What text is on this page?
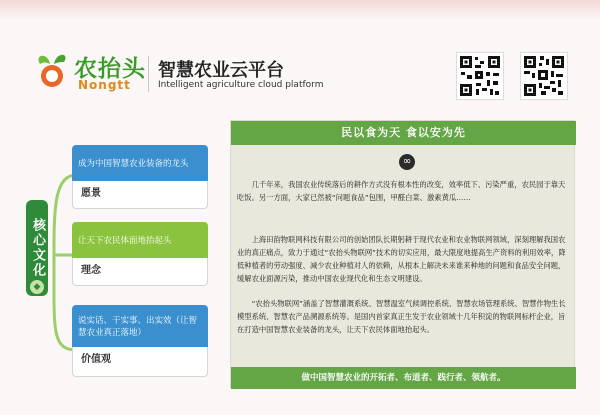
农抬头
Nongtt
智慧农业云平台
Intelligent agriculture cloud platform
核心文化
◆
成为中国智慧农业装备的龙头
愿景
让天下农民体面地抬起头
理念
说实话、干实事、出实效（让智慧农业真正落地）
价值观
民以食为天 食以安为先
∞

几千年来，我国农业传统落后的耕作方式没有根本性的改变，效率低下、污染严重，农民园于靠天吃饭。另一方面，大家已然被“问题食品”包围，甲醛白菜、激素黄瓜……

上海田韵物联网科技有限公司的创始团队长期躬耕于现代农业和农业物联网领域，深刻理解我国农业的真正痛点，致力于通过“农抬头物联网”技术的切实应用，最大限度地提高生产资料的利用效率，降低种植者的劳动强度、减少农业种植对人的依赖，从根本上解决未来谁来种地的问题和食品安全问题，缓解农业面源污染，推动中国农业现代化和生态文明建设。

“农抬头物联网”涵盖了智慧灌溉系统、智慧温室气候调控系统、智慧农场管理系统、智慧作物生长模型系统、智慧农产品溯源系统等。是国内首家真正生发于农业领域十几年积淀的物联网标杆企业，旨在打造中国智慧农业装备的龙头，让天下农民体面地抬起头。

做中国智慧农业的开拓者、布道者、践行者、领航者。
